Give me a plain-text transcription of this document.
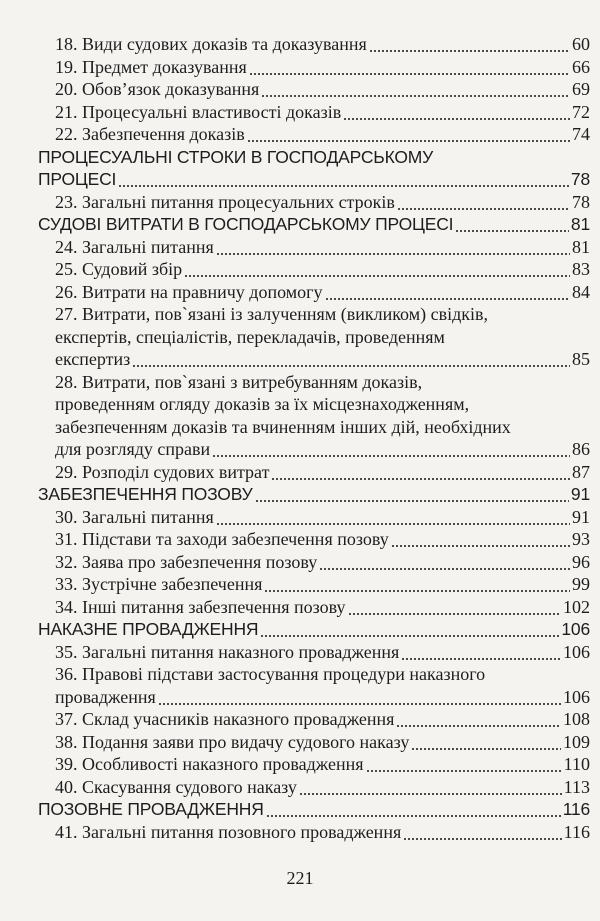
18. Види судових доказів та доказування	60
19. Предмет доказування	66
20. Обов’язок доказування	69
21. Процесуальні властивості доказів	72
22. Забезпечення доказів	74
ПРОЦЕСУАЛЬНІ СТРОКИ В ГОСПОДАРСЬКОМУ
ПРОЦЕСІ	78
23. Загальні питання процесуальних строків	78
СУДОВІ ВИТРАТИ В ГОСПОДАРСЬКОМУ ПРОЦЕСІ	81
24. Загальні питання	81
25. Судовий збір	83
26. Витрати на правничу допомогу	84
27. Витрати, пов`язані із залученням (викликом) свідків,
експертів, спеціалістів, перекладачів, проведенням
експертиз	85
28. Витрати, пов`язані з витребуванням доказів,
проведенням огляду доказів за їх місцезнаходженням,
забезпеченням доказів та вчиненням інших дій, необхідних
для розгляду справи	86
29. Розподіл судових витрат	87
ЗАБЕЗПЕЧЕННЯ ПОЗОВУ	91
30. Загальні питання	91
31. Підстави та заходи забезпечення позову	93
32. Заява про забезпечення позову	96
33. Зустрічне забезпечення	99
34. Інші питання забезпечення позову	102
НАКАЗНЕ ПРОВАДЖЕННЯ	106
35. Загальні питання наказного провадження	106
36. Правові підстави застосування процедури наказного
провадження	106
37. Склад учасників наказного провадження	108
38. Подання заяви про видачу судового наказу	109
39. Особливості наказного провадження	110
40. Скасування судового наказу	113
ПОЗОВНЕ ПРОВАДЖЕННЯ	116
41. Загальні питання позовного провадження	116
221
